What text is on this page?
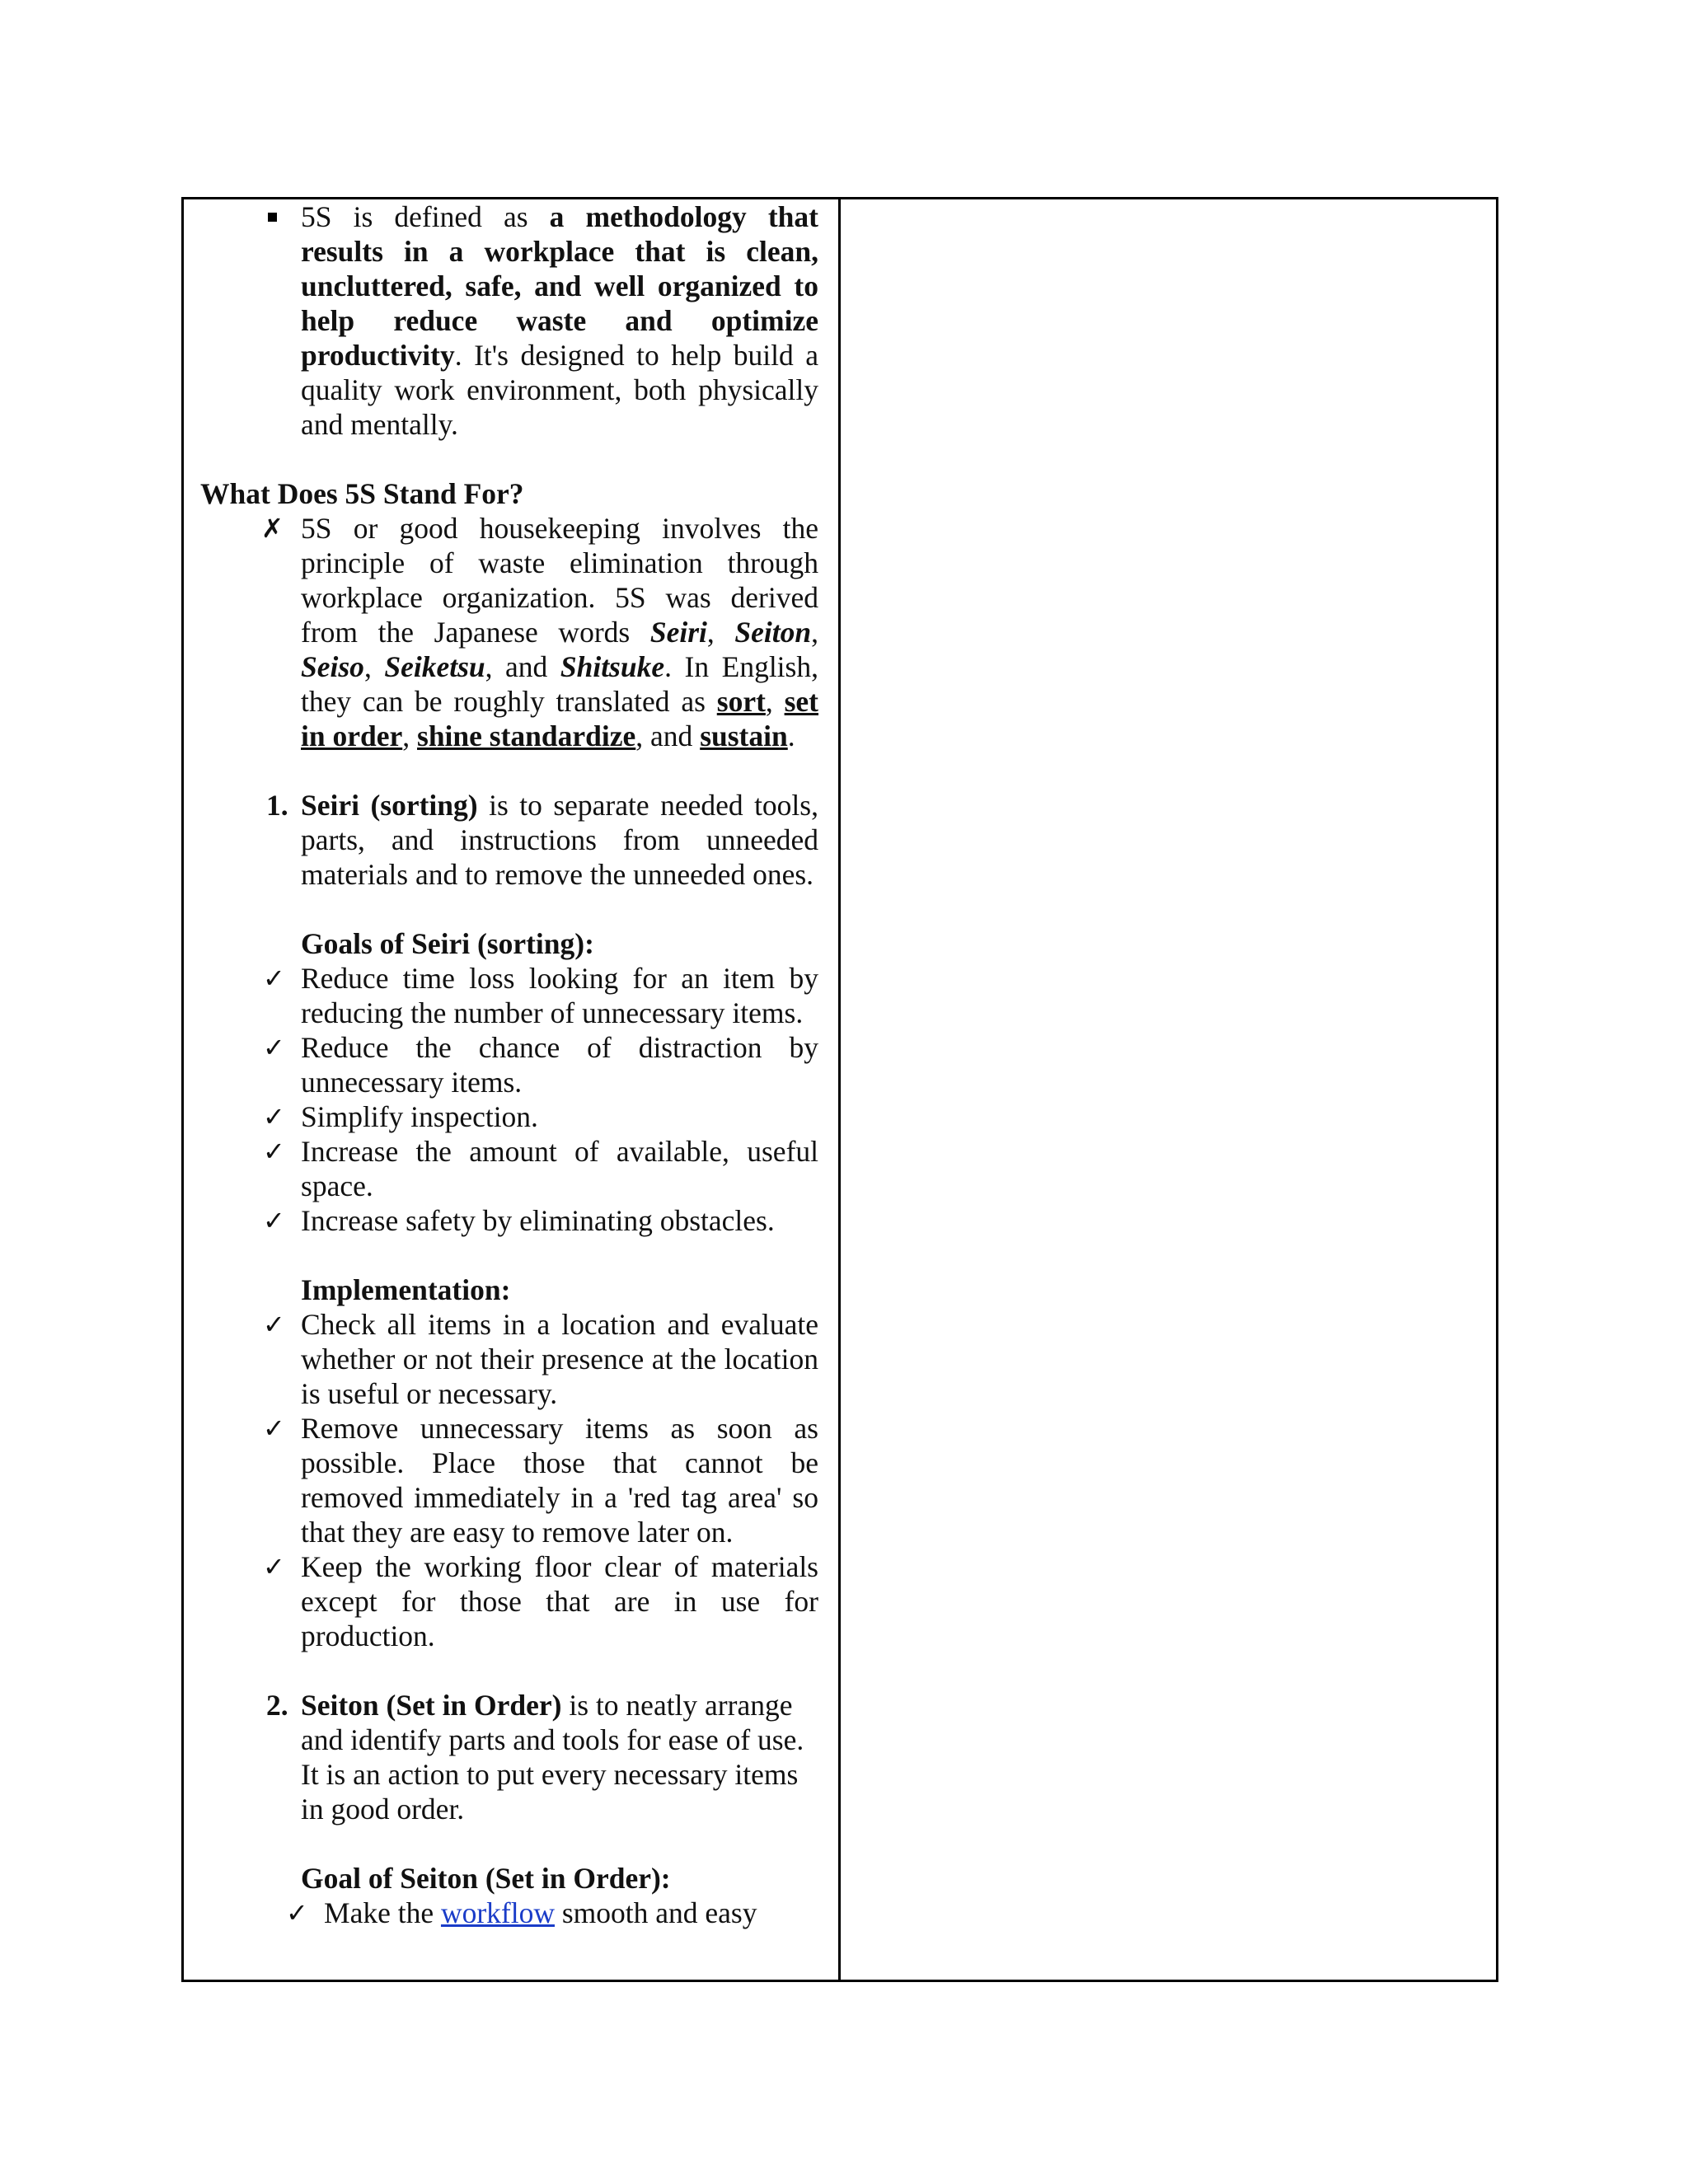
5S is defined as a methodology that results in a workplace that is clean, uncluttered, safe, and well organized to help reduce waste and optimize productivity. It's designed to help build a quality work environment, both physically and mentally.

What Does 5S Stand For?

✗ 5S or good housekeeping involves the principle of waste elimination through workplace organization. 5S was derived from the Japanese words Seiri, Seiton, Seiso, Seiketsu, and Shitsuke. In English, they can be roughly translated as sort, set in order, shine standardize, and sustain.

1. Seiri (sorting) is to separate needed tools, parts, and instructions from unneeded materials and to remove the unneeded ones.

Goals of Seiri (sorting):

✓ Reduce time loss looking for an item by reducing the number of unnecessary items.

✓ Reduce the chance of distraction by unnecessary items.

✓ Simplify inspection.

✓ Increase the amount of available, useful space.

✓ Increase safety by eliminating obstacles.

Implementation:

✓ Check all items in a location and evaluate whether or not their presence at the location is useful or necessary.

✓ Remove unnecessary items as soon as possible. Place those that cannot be removed immediately in a 'red tag area' so that they are easy to remove later on.

✓ Keep the working floor clear of materials except for those that are in use for production.

2. Seiton (Set in Order) is to neatly arrange and identify parts and tools for ease of use. It is an action to put every necessary items in good order.

Goal of Seiton (Set in Order):

✓ Make the workflow smooth and easy
